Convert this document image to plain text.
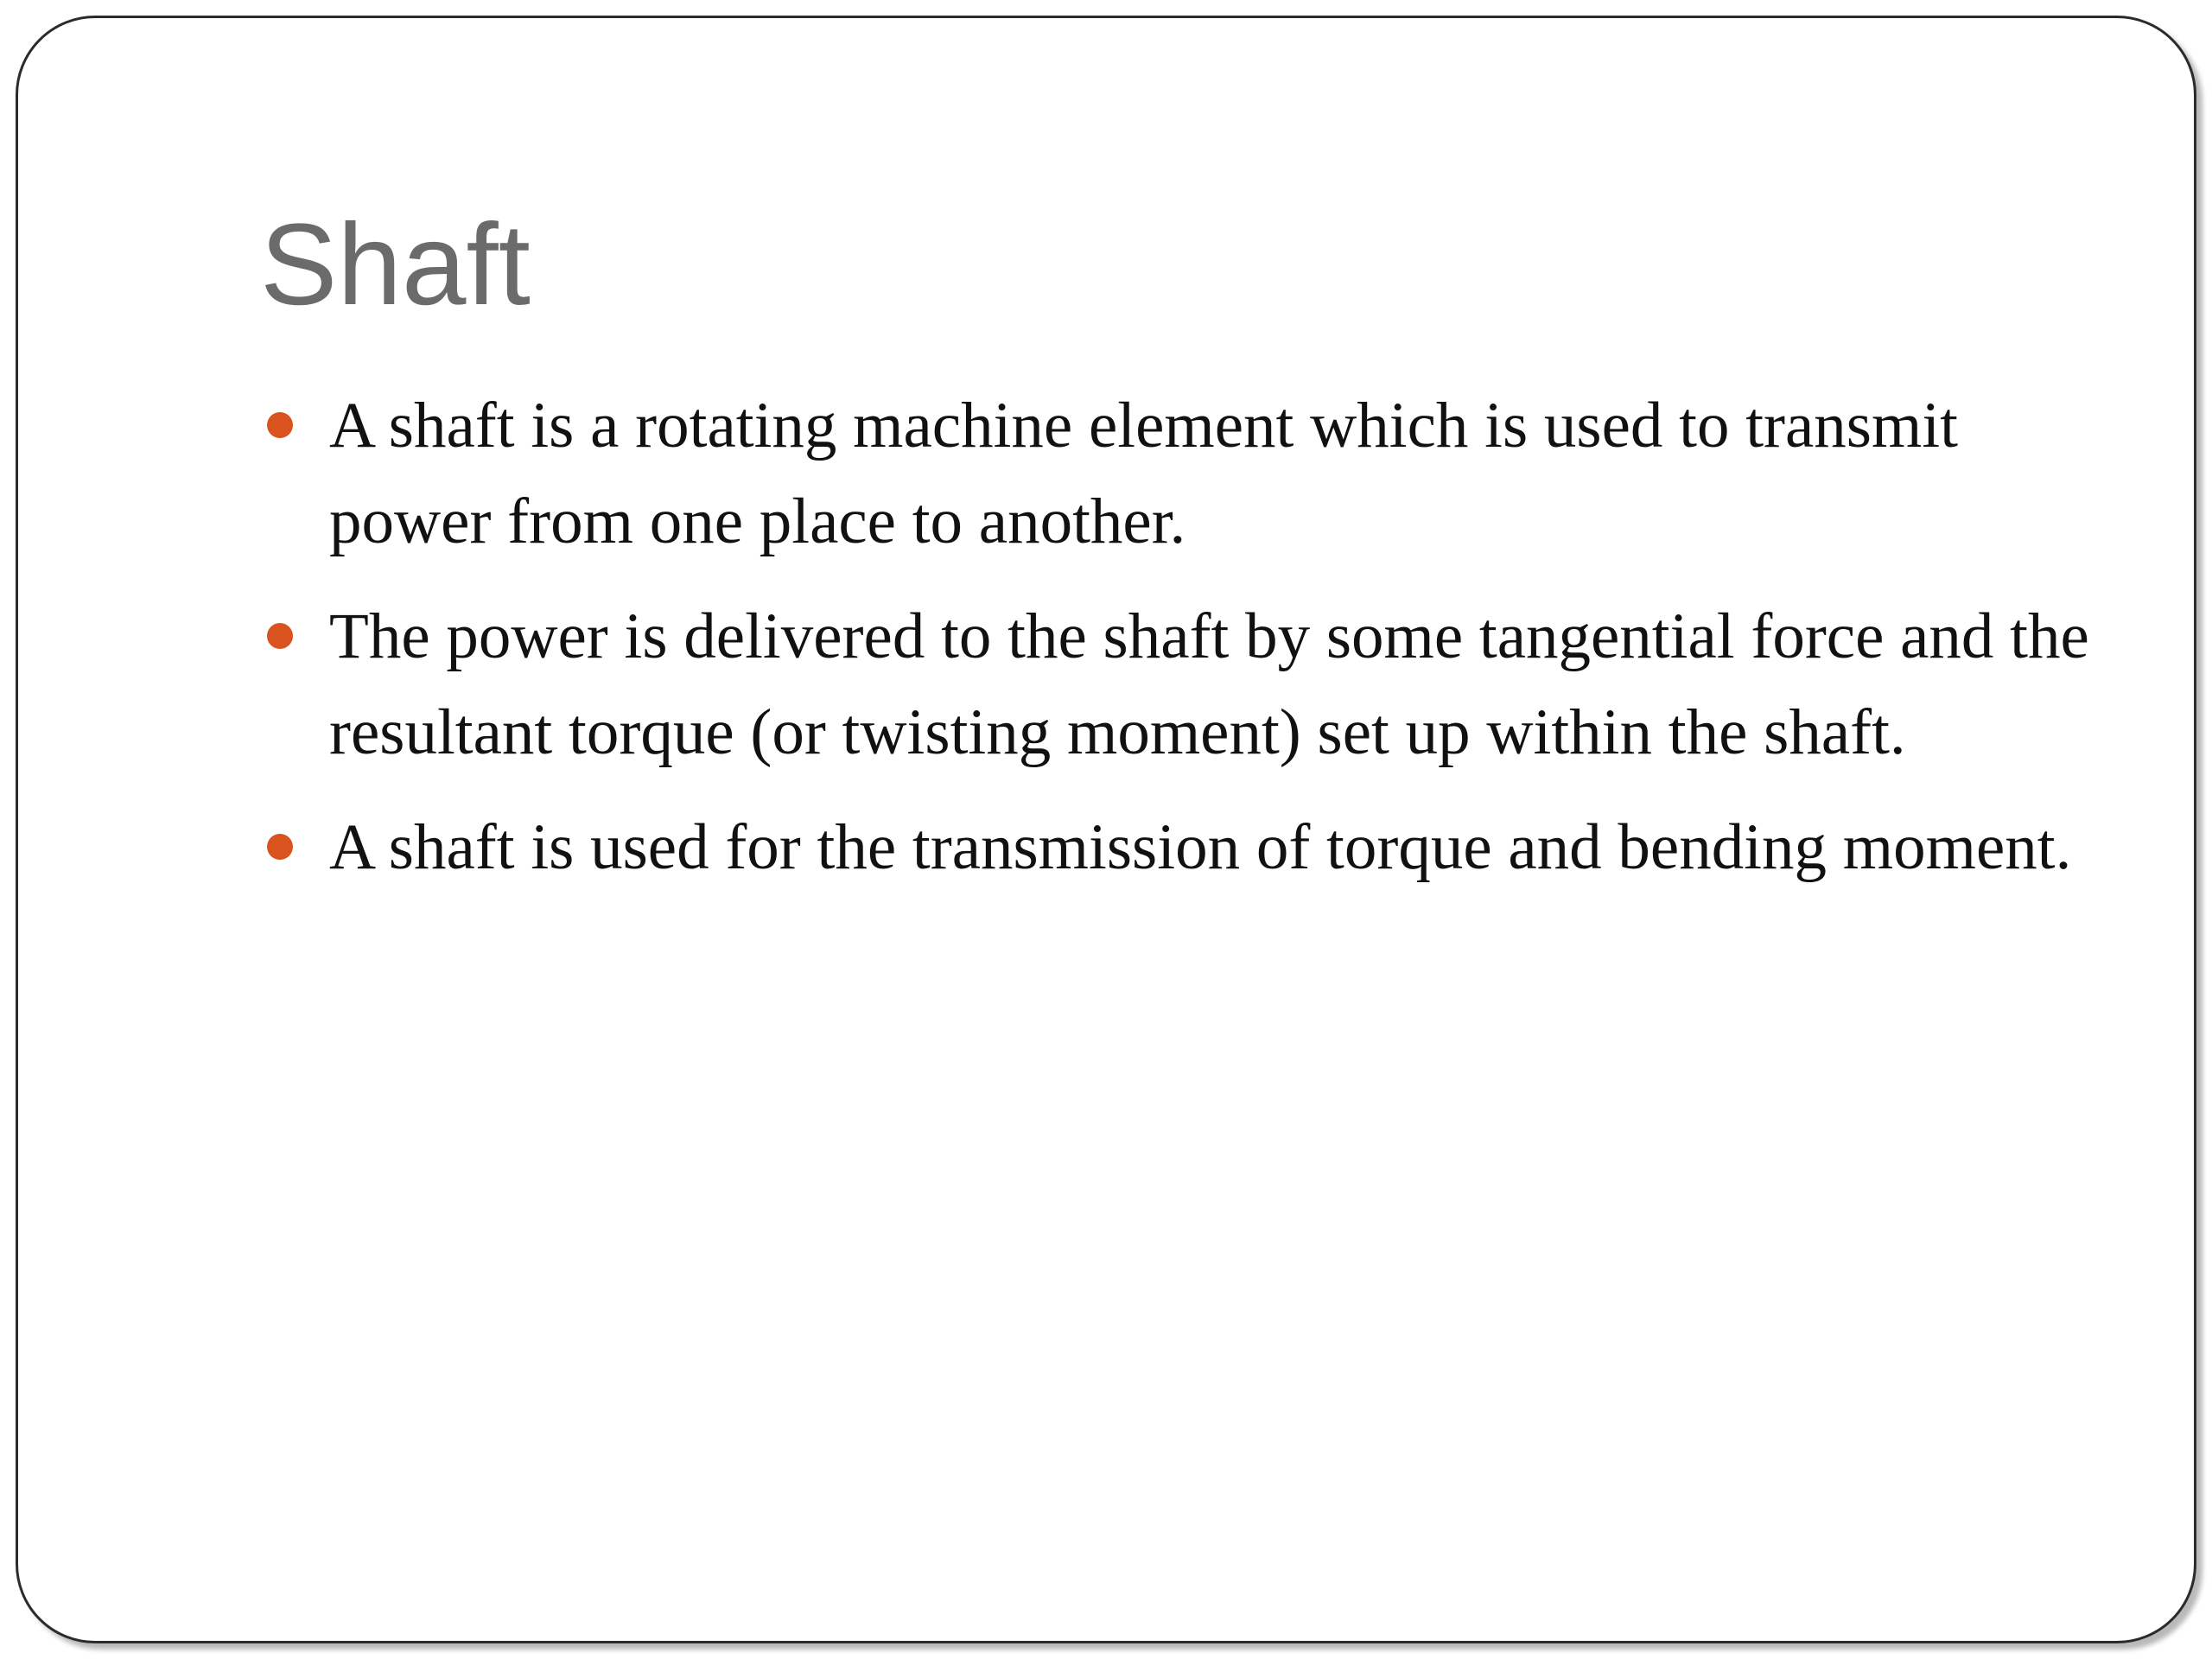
Shaft
A shaft is a rotating machine element which is used to transmit power from one place to another.
The power is delivered to the shaft by some tangential force and the resultant torque (or twisting moment) set up within the shaft.
A shaft is used for the transmission of torque and bending moment.
